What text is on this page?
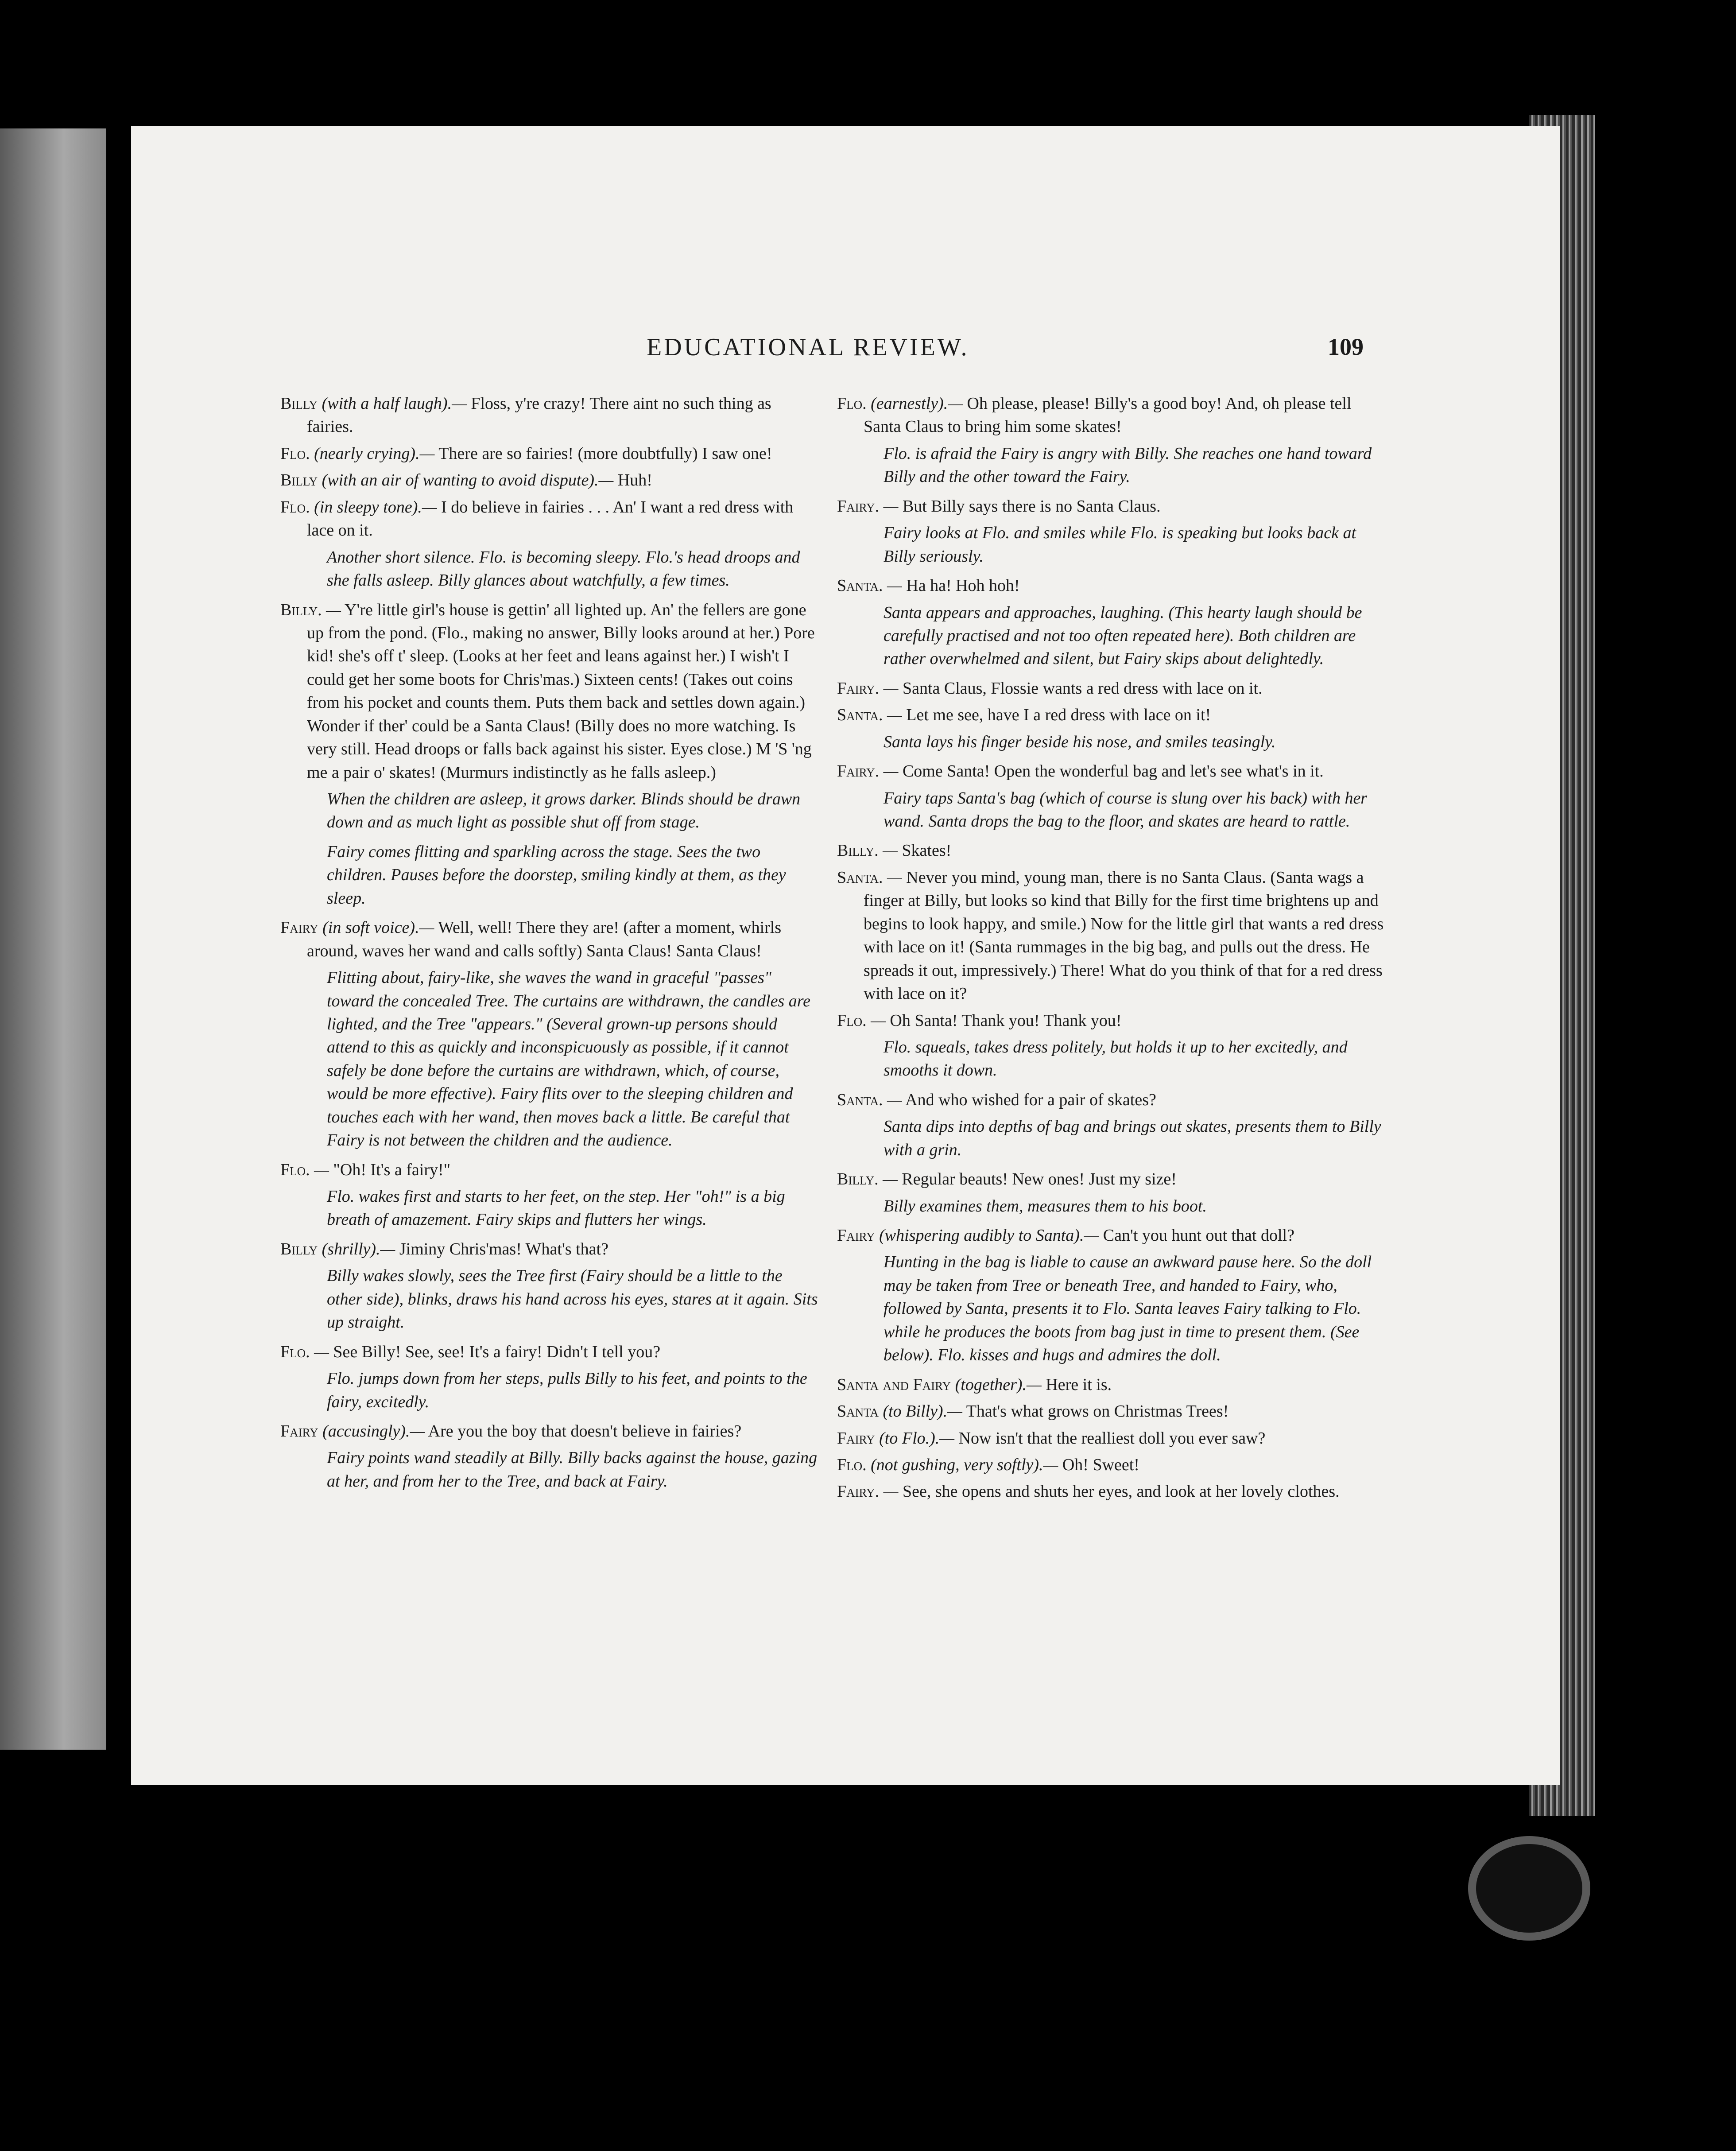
EDUCATIONAL REVIEW.	109

Billy (with a half laugh).— Floss, y're crazy! There aint no such thing as fairies.

Flo. (nearly crying).— There are so fairies! (more doubtfully) I saw one!

Billy (with an air of wanting to avoid dispute).— Huh!

Flo. (in sleepy tone).— I do believe in fairies . . . An' I want a red dress with lace on it.

Another short silence. Flo. is becoming sleepy. Flo.'s head droops and she falls asleep. Billy glances about watchfully, a few times.

Billy. — Y're little girl's house is gettin' all lighted up. An' the fellers are gone up from the pond. (Flo., making no answer, Billy looks around at her.) Pore kid! she's off t' sleep. (Looks at her feet and leans against her.) I wish't I could get her some boots for Chris'mas.) Sixteen cents! (Takes out coins from his pocket and counts them. Puts them back and settles down again.) Wonder if ther' could be a Santa Claus! (Billy does no more watching. Is very still. Head droops or falls back against his sister. Eyes close.) M 'S 'ng me a pair o' skates! (Murmurs indistinctly as he falls asleep.)

When the children are asleep, it grows darker. Blinds should be drawn down and as much light as possible shut off from stage.

Fairy comes flitting and sparkling across the stage. Sees the two children. Pauses before the doorstep, smiling kindly at them, as they sleep.

Fairy (in soft voice).— Well, well! There they are! (after a moment, whirls around, waves her wand and calls softly) Santa Claus! Santa Claus!

Flitting about, fairy-like, she waves the wand in graceful "passes" toward the concealed Tree. The curtains are withdrawn, the candles are lighted, and the Tree "appears." (Several grown-up persons should attend to this as quickly and inconspicuously as possible, if it cannot safely be done before the curtains are withdrawn, which, of course, would be more effective). Fairy flits over to the sleeping children and touches each with her wand, then moves back a little. Be careful that Fairy is not between the children and the audience.

Flo. — "Oh! It's a fairy!"

Flo. wakes first and starts to her feet, on the step. Her "oh!" is a big breath of amazement. Fairy skips and flutters her wings.

Billy (shrilly).— Jiminy Chris'mas! What's that?

Billy wakes slowly, sees the Tree first (Fairy should be a little to the other side), blinks, draws his hand across his eyes, stares at it again. Sits up straight.

Flo. — See Billy! See, see! It's a fairy! Didn't I tell you?

Flo. jumps down from her steps, pulls Billy to his feet, and points to the fairy, excitedly.

Fairy (accusingly).— Are you the boy that doesn't believe in fairies?

Fairy points wand steadily at Billy. Billy backs against the house, gazing at her, and from her to the Tree, and back at Fairy.

Flo. (earnestly).— Oh please, please! Billy's a good boy! And, oh please tell Santa Claus to bring him some skates!

Flo. is afraid the Fairy is angry with Billy. She reaches one hand toward Billy and the other toward the Fairy.

Fairy. — But Billy says there is no Santa Claus.

Fairy looks at Flo. and smiles while Flo. is speaking but looks back at Billy seriously.

Santa. — Ha ha! Hoh hoh!

Santa appears and approaches, laughing. (This hearty laugh should be carefully practised and not too often repeated here). Both children are rather overwhelmed and silent, but Fairy skips about delightedly.

Fairy. — Santa Claus, Flossie wants a red dress with lace on it.

Santa. — Let me see, have I a red dress with lace on it!

Santa lays his finger beside his nose, and smiles teasingly.

Fairy. — Come Santa! Open the wonderful bag and let's see what's in it.

Fairy taps Santa's bag (which of course is slung over his back) with her wand. Santa drops the bag to the floor, and skates are heard to rattle.

Billy. — Skates!

Santa. — Never you mind, young man, there is no Santa Claus. (Santa wags a finger at Billy, but looks so kind that Billy for the first time brightens up and begins to look happy, and smile.) Now for the little girl that wants a red dress with lace on it! (Santa rummages in the big bag, and pulls out the dress. He spreads it out, impressively.) There! What do you think of that for a red dress with lace on it?

Flo. — Oh Santa! Thank you! Thank you!

Flo. squeals, takes dress politely, but holds it up to her excitedly, and smooths it down.

Santa. — And who wished for a pair of skates?

Santa dips into depths of bag and brings out skates, presents them to Billy with a grin.

Billy. — Regular beauts! New ones! Just my size!

Billy examines them, measures them to his boot.

Fairy (whispering audibly to Santa).— Can't you hunt out that doll?

Hunting in the bag is liable to cause an awkward pause here. So the doll may be taken from Tree or beneath Tree, and handed to Fairy, who, followed by Santa, presents it to Flo. Santa leaves Fairy talking to Flo. while he produces the boots from bag just in time to present them. (See below). Flo. kisses and hugs and admires the doll.

Santa and Fairy (together).— Here it is.

Santa (to Billy).— That's what grows on Christmas Trees!

Fairy (to Flo.).— Now isn't that the realliest doll you ever saw?

Flo. (not gushing, very softly).— Oh! Sweet!

Fairy. — See, she opens and shuts her eyes, and look at her lovely clothes.
